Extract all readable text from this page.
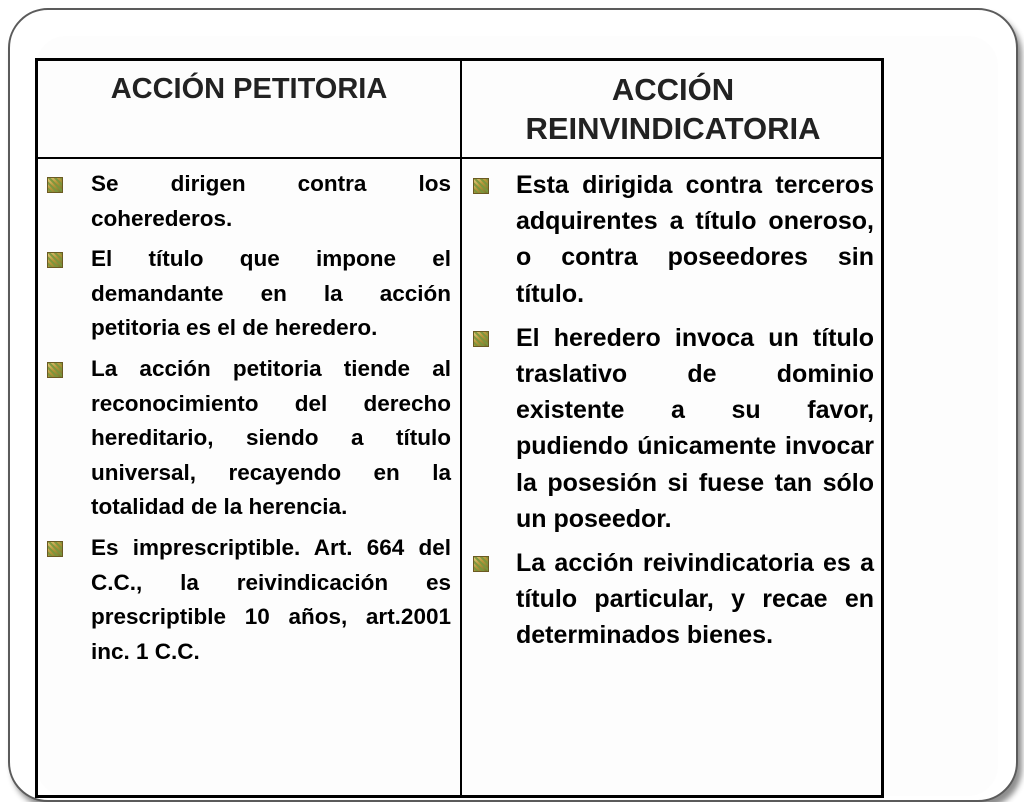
ACCIÓN PETITORIA	ACCIÓN
REINVINDICATORIA
Se dirigen contra los coherederos.
El título que impone el demandante en la acción petitoria es el de heredero.
La acción petitoria tiende al reconocimiento del derecho hereditario, siendo a título universal, recayendo en la totalidad de la herencia.
Es imprescriptible. Art. 664 del C.C., la reivindicación es prescriptible 10 años, art.2001 inc. 1 C.C.
Esta dirigida contra terceros adquirentes a título oneroso, o contra poseedores sin título.
El heredero invoca un título traslativo de dominio existente a su favor, pudiendo únicamente invocar la posesión si fuese tan sólo un poseedor.
La acción reivindicatoria es a título particular, y recae en determinados bienes.
